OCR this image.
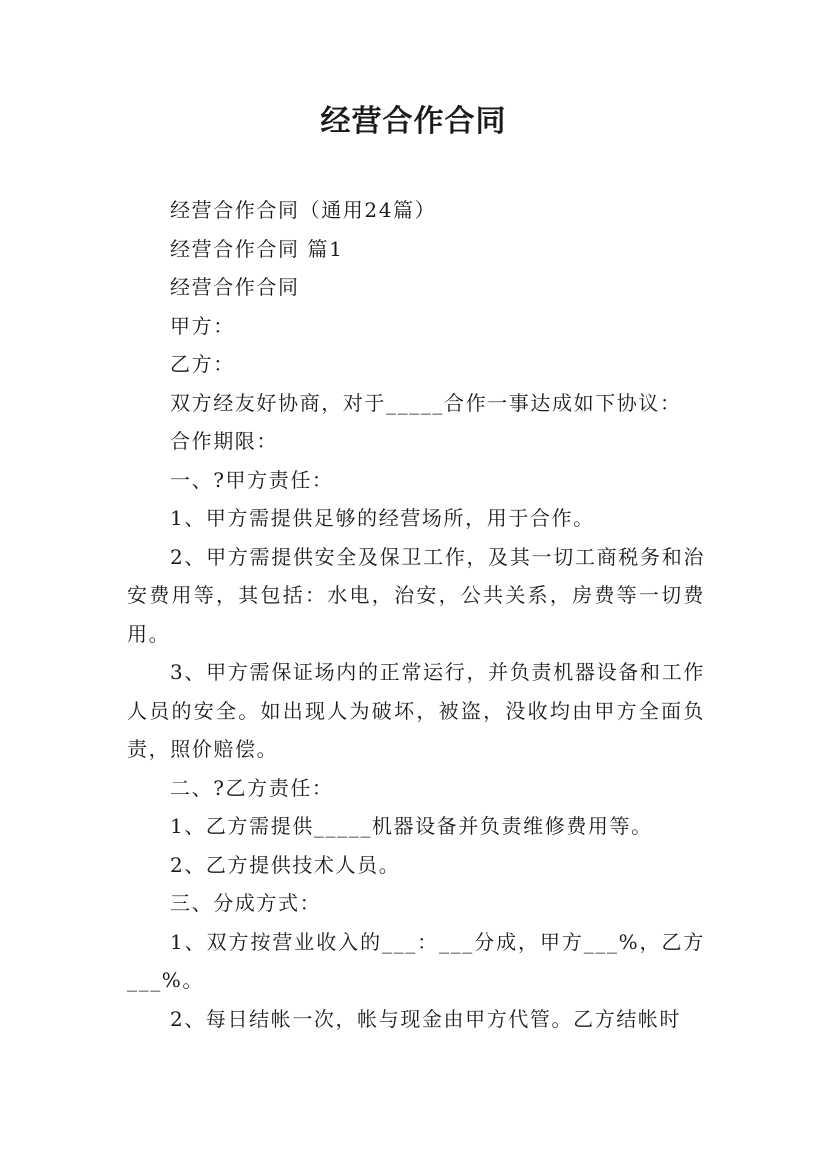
经营合作合同

经营合作合同（通用24篇）

经营合作合同 篇1

经营合作合同

甲方：

乙方：

双方经友好协商，对于_____合作一事达成如下协议：

合作期限：

一、?甲方责任：

1、甲方需提供足够的经营场所，用于合作。

2、甲方需提供安全及保卫工作，及其一切工商税务和治安费用等，其包括：水电，治安，公共关系，房费等一切费用。

3、甲方需保证场内的正常运行，并负责机器设备和工作人员的安全。如出现人为破坏，被盗，没收均由甲方全面负责，照价赔偿。

二、?乙方责任：

1、乙方需提供_____机器设备并负责维修费用等。

2、乙方提供技术人员。

三、分成方式：

1、双方按营业收入的___：___分成，甲方___%，乙方___%。

2、每日结帐一次，帐与现金由甲方代管。乙方结帐时
